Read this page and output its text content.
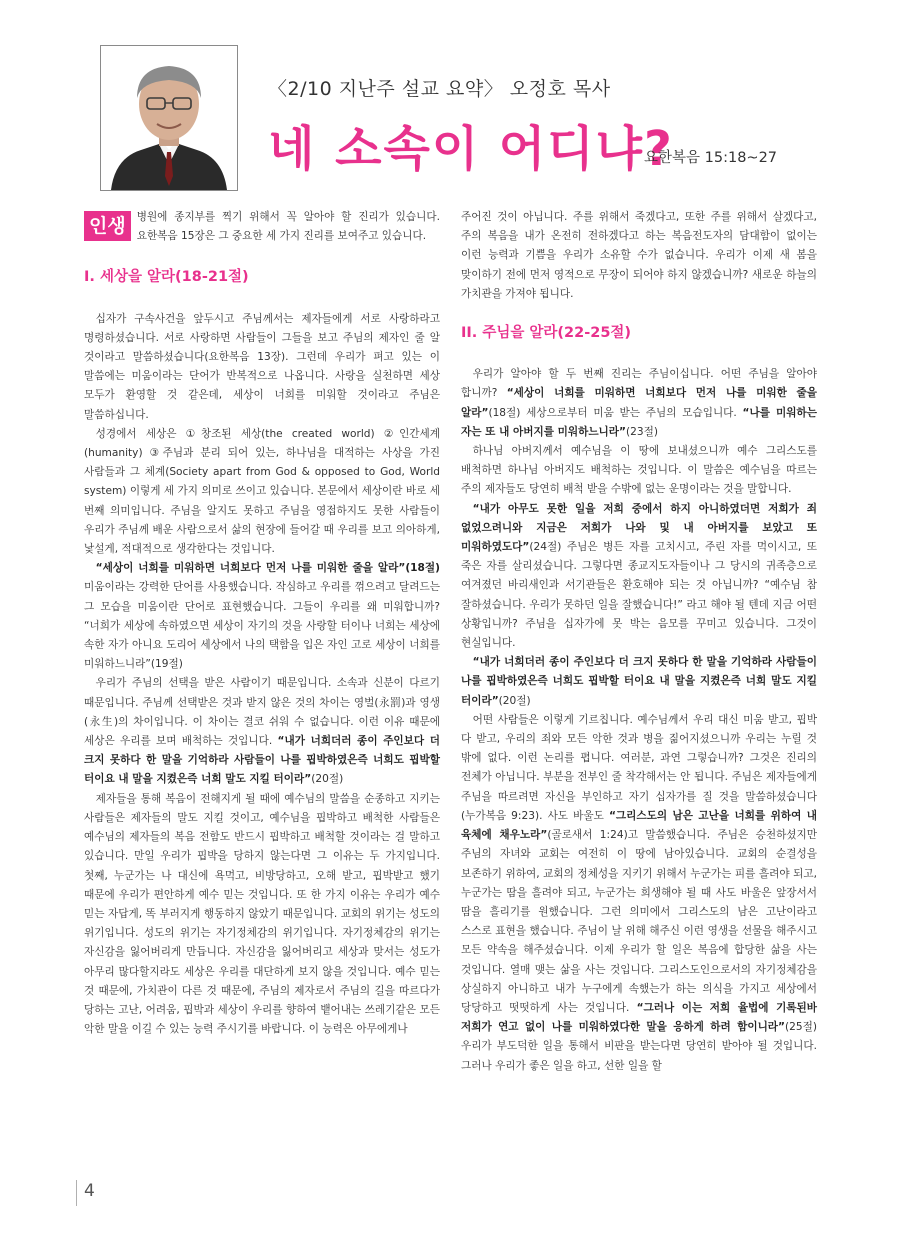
〈2/10 지난주 설교 요약〉 오정호 목사
네 소속이 어디냐?
요한복음 15:18~27

인생	병원에 종지부를 찍기 위해서 꼭 알아야 할 진리가 있습니다. 요한복음 15장은 그 중요한 세 가지 진리를 보여주고 있습니다.

I. 세상을 알라(18-21절)

십자가 구속사건을 앞두시고 주님께서는 제자들에게 서로 사랑하라고 명령하셨습니다. 서로 사랑하면 사람들이 그들을 보고 주님의 제자인 줄 알 것이라고 말씀하셨습니다(요한복음 13장). 그런데 우리가 펴고 있는 이 말씀에는 미움이라는 단어가 반복적으로 나옵니다. 사랑을 실천하면 세상 모두가 환영할 것 같은데, 세상이 너희를 미워할 것이라고 주님은 말씀하십니다.

성경에서 세상은 ①창조된 세상(the created world) ②인간세계(humanity) ③주님과 분리 되어 있는, 하나님을 대적하는 사상을 가진 사람들과 그 체계(Society apart from God & opposed to God, World system) 이렇게 세 가지 의미로 쓰이고 있습니다. 본문에서 세상이란 바로 세 번째 의미입니다. 주님을 알지도 못하고 주님을 영접하지도 못한 사람들이 우리가 주님께 배운 사람으로서 삶의 현장에 들어갈 때 우리를 보고 의아하게, 낯설게, 적대적으로 생각한다는 것입니다.

“세상이 너희를 미워하면 너희보다 먼저 나를 미워한 줄을 알라”(18절) 미움이라는 강력한 단어를 사용했습니다. 작심하고 우리를 꺾으려고 달려드는 그 모습을 미움이란 단어로 표현했습니다. 그들이 우리를 왜 미워합니까? “너희가 세상에 속하였으면 세상이 자기의 것을 사랑할 터이나 너희는 세상에 속한 자가 아니요 도리어 세상에서 나의 택함을 입은 자인 고로 세상이 너희를 미워하느니라”(19절)

우리가 주님의 선택을 받은 사람이기 때문입니다. 소속과 신분이 다르기 때문입니다. 주님께 선택받은 것과 받지 않은 것의 차이는 영벌(永罰)과 영생(永生)의 차이입니다. 이 차이는 결코 쉬워 수 없습니다. 이런 이유 때문에 세상은 우리를 보며 배척하는 것입니다. “내가 너희더러 종이 주인보다 더 크지 못하다 한 말을 기억하라 사람들이 나를 핍박하였은즉 너희도 핍박할 터이요 내 말을 지켰은즉 너희 말도 지킬 터이라”(20절)

제자들을 통해 복음이 전해지게 될 때에 예수님의 말씀을 순종하고 지키는 사람들은 제자들의 말도 지킬 것이고, 예수님을 핍박하고 배척한 사람들은 예수님의 제자들의 복음 전함도 반드시 핍박하고 배척할 것이라는 걸 말하고 있습니다. 만일 우리가 핍박을 당하지 않는다면 그 이유는 두 가지입니다. 첫째, 누군가는 나 대신에 욕먹고, 비방당하고, 오해 받고, 핍박받고 했기 때문에 우리가 편안하게 예수 믿는 것입니다. 또 한 가지 이유는 우리가 예수 믿는 자답게, 똑 부러지게 행동하지 않았기 때문입니다. 교회의 위기는 성도의 위기입니다. 성도의 위기는 자기정체감의 위기입니다. 자기정체감의 위기는 자신감을 잃어버리게 만듭니다. 자신감을 잃어버리고 세상과 맞서는 성도가 아무리 많다할지라도 세상은 우리를 대단하게 보지 않을 것입니다. 예수 믿는 것 때문에, 가치관이 다른 것 때문에, 주님의 제자로서 주님의 길을 따르다가 당하는 고난, 어려움, 핍박과 세상이 우리를 향하여 뱉어내는 쓰레기같은 모든 악한 말을 이길 수 있는 능력 주시기를 바랍니다. 이 능력은 아무에게나

주어진 것이 아닙니다. 주를 위해서 죽겠다고, 또한 주를 위해서 살겠다고, 주의 복음을 내가 온전히 전하겠다고 하는 복음전도자의 담대함이 없이는 이런 능력과 기쁨을 우리가 소유할 수가 없습니다. 우리가 이제 새 봄을 맞이하기 전에 먼저 영적으로 무장이 되어야 하지 않겠습니까? 새로운 하늘의 가치관을 가져야 됩니다.

II. 주님을 알라(22-25절)

우리가 알아야 할 두 번째 진리는 주님이십니다. 어떤 주님을 알아야 합니까? “세상이 너희를 미워하면 너희보다 먼저 나를 미워한 줄을 알라”(18절) 세상으로부터 미움 받는 주님의 모습입니다. “나를 미워하는 자는 또 내 아버지를 미워하느니라”(23절)

하나님 아버지께서 예수님을 이 땅에 보내셨으니까 예수 그리스도를 배척하면 하나님 아버지도 배척하는 것입니다. 이 말씀은 예수님을 따르는 주의 제자들도 당연히 배척 받을 수밖에 없는 운명이라는 것을 말합니다.

“내가 아무도 못한 일을 저희 중에서 하지 아니하였더면 저희가 죄 없었으려니와 지금은 저희가 나와 및 내 아버지를 보았고 또 미워하였도다”(24절) 주님은 병든 자를 고치시고, 주린 자를 먹이시고, 또 죽은 자를 살리셨습니다. 그렇다면 종교지도자들이나 그 당시의 귀족층으로 여겨졌던 바리새인과 서기관들은 환호해야 되는 것 아닙니까? “예수님 참 잘하셨습니다. 우리가 못하던 일을 잘했습니다!” 라고 해야 될 텐데 지금 어떤 상황입니까? 주님을 십자가에 못 박는 음모를 꾸미고 있습니다. 그것이 현실입니다.

“내가 너희더러 종이 주인보다 더 크지 못하다 한 말을 기억하라 사람들이 나를 핍박하였은즉 너희도 핍박할 터이요 내 말을 지켰은즉 너희 말도 지킬 터이라”(20절)

어떤 사람들은 이렇게 기르칩니다. 예수님께서 우리 대신 미움 받고, 핍박 다 받고, 우리의 죄와 모든 악한 것과 병을 짊어지셨으니까 우리는 누릴 것 밖에 없다. 이런 논리를 폅니다. 여러분, 과연 그렇습니까? 그것은 진리의 전체가 아닙니다. 부분을 전부인 줄 착각해서는 안 됩니다. 주님은 제자들에게 주님을 따르려면 자신을 부인하고 자기 십자가를 질 것을 말씀하셨습니다(누가복음 9:23). 사도 바울도 “그리스도의 남은 고난을 너희를 위하여 내 육체에 채우노라”(골로새서 1:24)고 말씀했습니다. 주님은 승천하셨지만 주님의 자녀와 교회는 여전히 이 땅에 남아있습니다. 교회의 순결성을 보존하기 위하여, 교회의 정체성을 지키기 위해서 누군가는 피를 흘려야 되고, 누군가는 땀을 흘려야 되고, 누군가는 희생해야 될 때 사도 바울은 앞장서서 땀을 흘리기를 원했습니다. 그런 의미에서 그리스도의 남은 고난이라고 스스로 표현을 했습니다. 주님이 날 위해 해주신 이런 영생을 선물을 해주시고 모든 약속을 해주셨습니다. 이제 우리가 할 일은 복음에 합당한 삶을 사는 것입니다. 열매 맺는 삶을 사는 것입니다. 그리스도인으로서의 자기정체감을 상실하지 아니하고 내가 누구에게 속했는가 하는 의식을 가지고 세상에서 당당하고 떳떳하게 사는 것입니다. “그러나 이는 저희 율법에 기록된바 저희가 연고 없이 나를 미워하였다한 말을 응하게 하려 함이니라”(25절) 우리가 부도덕한 일을 통해서 비판을 받는다면 당연히 받아야 될 것입니다. 그러나 우리가 좋은 일을 하고, 선한 일을 할

4
